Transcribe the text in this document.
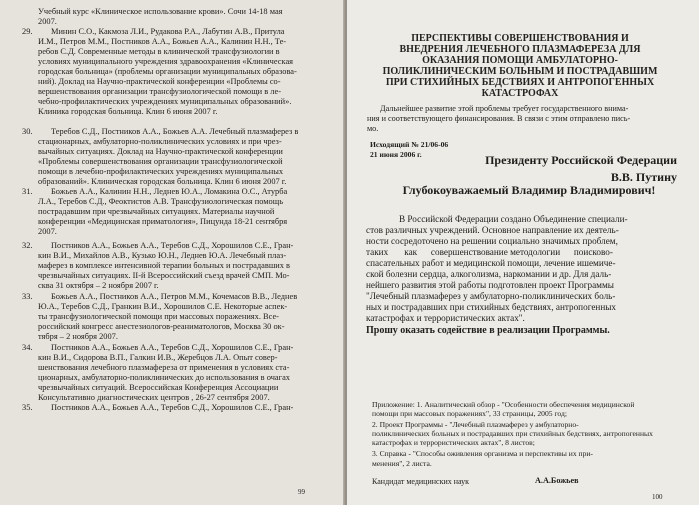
Учебный курс «Клиническое использование крови». Сочи 14-18 мая
2007.
29. Минин С.О., Какмоза Л.И., Рудакова Р.А., Лабутин А.В., Притула
И.М., Петров М.М., Постников А.А., Божьев А.А., Калинин Н.Н., Те-
ребов С.Д. Современные методы в клинической трансфузиологии в
условиях муниципального учреждения здравоохранения «Клиническая
городская больница» (проблемы организации муниципальных образова-
ний). Доклад на Научно-практической конференции «Проблемы со-
вершенствования организации трансфузиологической помощи в ле-
чебно-профилактических учреждениях муниципальных образований».
Клиника городская больница. Клин 6 июня 2007 г.
30. Теребов С.Д., Постников А.А., Божьев А.А. Лечебный плазмаферез в
стационарных, амбулаторно-поликлинических условиях и при чрез-
вычайных ситуациях. Доклад на Научно-практической конференции
«Проблемы совершенствования организации трансфузиологической
помощи в лечебно-профилактических учреждениях муниципальных
образований». Клиническая городская больница. Клин 6 июня 2007 г.
31. Божьев А.А., Калинин Н.Н., Леднев Ю.А., Ломакина О.С., Атурба
Л.А., Теребов С.Д., Феоктистов А.В. Трансфузиологическая помощь
пострадавшим при чрезвычайных ситуациях. Материалы научной
конференции «Медицинская приматология», Пицунда 18-21 сентября
2007.
32. Постников А.А., Божьев А.А., Теребов С.Д., Хорошилов С.Е., Гран-
кин В.И., Михайлов А.В., Кузько Ю.Н., Леднев Ю.А. Лечебный плаз-
маферез в комплексе интенсивной терапии больных и пострадавших в
чрезвычайных ситуациях. II-й Всероссийский съезд врачей СМП. Мо-
сква 31 октября – 2 ноября 2007 г.
33. Божьев А.А., Постников А.А., Петров М.М., Кочемасов В.В., Леднев
Ю.А., Теребов С.Д., Гранкин В.И., Хорошилов С.Е. Некоторые аспек-
ты трансфузиологической помощи при массовых поражениях. Все-
российский конгресс анестезиологов-реаниматологов, Москва 30 ок-
тября – 2 ноября 2007.
34. Постников А.А., Божьев А.А., Теребов С.Д., Хорошилов С.Е., Гран-
кин В.И., Сидорова В.П., Галкин И.В., Жеребцов Л.А. Опыт совер-
шенствования лечебного плазмафереза от применения в условиях ста-
ционарных, амбулаторно-поликлинических до использования в очагах
чрезвычайных ситуаций. Всероссийская Конференция Ассоциации
Консультативно диагностических центров , 26-27 сентября 2007.
35. Постников А.А., Божьев А.А., Теребов С.Д., Хорошилов С.Е., Гран-
99
ПЕРСПЕКТИВЫ СОВЕРШЕНСТВОВАНИЯ И
ВНЕДРЕНИЯ ЛЕЧЕБНОГО ПЛАЗМАФЕРЕЗА ДЛЯ
ОКАЗАНИЯ ПОМОЩИ АМБУЛАТОРНО-
ПОЛИКЛИНИЧЕСКИМ БОЛЬНЫМ И ПОСТРАДАВШИМ
ПРИ СТИХИЙНЫХ БЕДСТВИЯХ И АНТРОПОГЕННЫХ
КАТАСТРОФАХ
Дальнейшее развитие этой проблемы требует государственного внима-
ния и соответствующего финансирования. В связи с этим отправлено пись-
мо.
Исходящий № 21/06-06
21 июня 2006 г.	Президенту Российской Федерации
В.В. Путину
Глубокоуважаемый Владимир Владимирович!
В Российской Федерации создано Объединение специали-
стов различных учреждений. Основное направление их деятель-
ности сосредоточено на решении социально значимых проблем,
таких       как      совершенствование методологии      поисково-
спасательных работ и медицинской помощи, лечение ишемиче-
ской болезни сердца, алкоголизма, наркомании и др. Для даль-
нейшего развития этой работы подготовлен проект Программы
"Лечебный плазмаферез у амбулаторно-поликлинических боль-
ных и пострадавших при стихийных бедствиях, антропогенных
катастрофах и террористических актах".
Прошу оказать содействие в реализации Программы.
Приложение: 1. Аналитический обзор - "Особенности обеспечения медицинской
помощи при массовых поражениях", 33 страницы, 2005 год;
2. Проект Программы - "Лечебный плазмаферез у амбулаторно-
поликлинических больных и пострадавших при стихийных бедствиях, антропогенных
катастрофах и террористических актах", 8 листов;
3. Справка - "Способы оживления организма и перспективы их при-
менения", 2 листа.
Кандидат медицинских наук	А.А.Божьев
100
